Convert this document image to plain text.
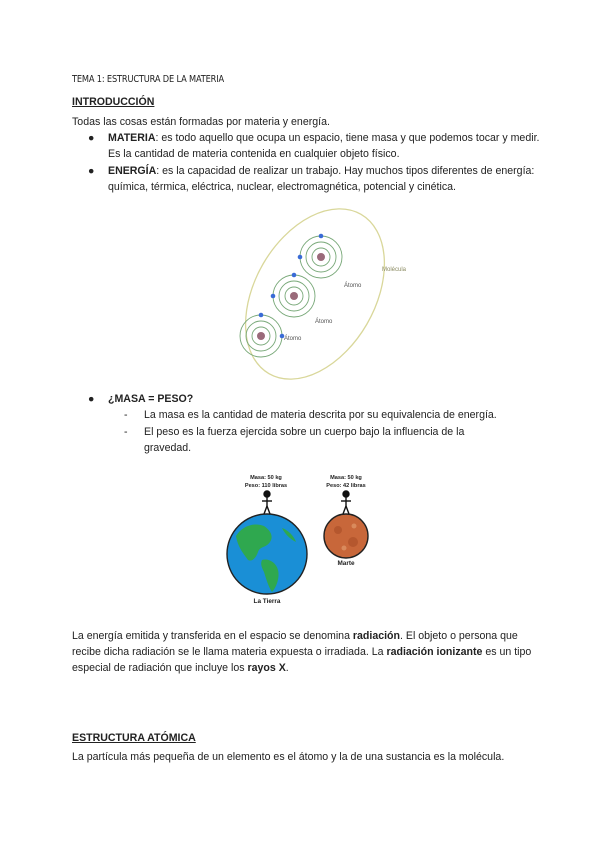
TEMA 1: ESTRUCTURA DE LA MATERIA
INTRODUCCIÓN
Todas las cosas están formadas por materia y energía.
● MATERIA: es todo aquello que ocupa un espacio, tiene masa y que podemos tocar y medir. Es la cantidad de materia contenida en cualquier objeto físico.
● ENERGÍA: es la capacidad de realizar un trabajo. Hay muchos tipos diferentes de energía: química, térmica, eléctrica, nuclear, electromagnética, potencial y cinética.
Molécula
Átomo
Átomo
Átomo
● ¿MASA = PESO?
- La masa es la cantidad de materia descrita por su equivalencia de energía.
- El peso es la fuerza ejercida sobre un cuerpo bajo la influencia de la gravedad.
Masa: 50 kg
Peso: 110 libras
Masa: 50 kg
Peso: 42 libras
Marte
La Tierra
La energía emitida y transferida en el espacio se denomina radiación. El objeto o persona que recibe dicha radiación se le llama materia expuesta o irradiada. La radiación ionizante es un tipo especial de radiación que incluye los rayos X.
ESTRUCTURA ATÓMICA
La partícula más pequeña de un elemento es el átomo y la de una sustancia es la molécula.
